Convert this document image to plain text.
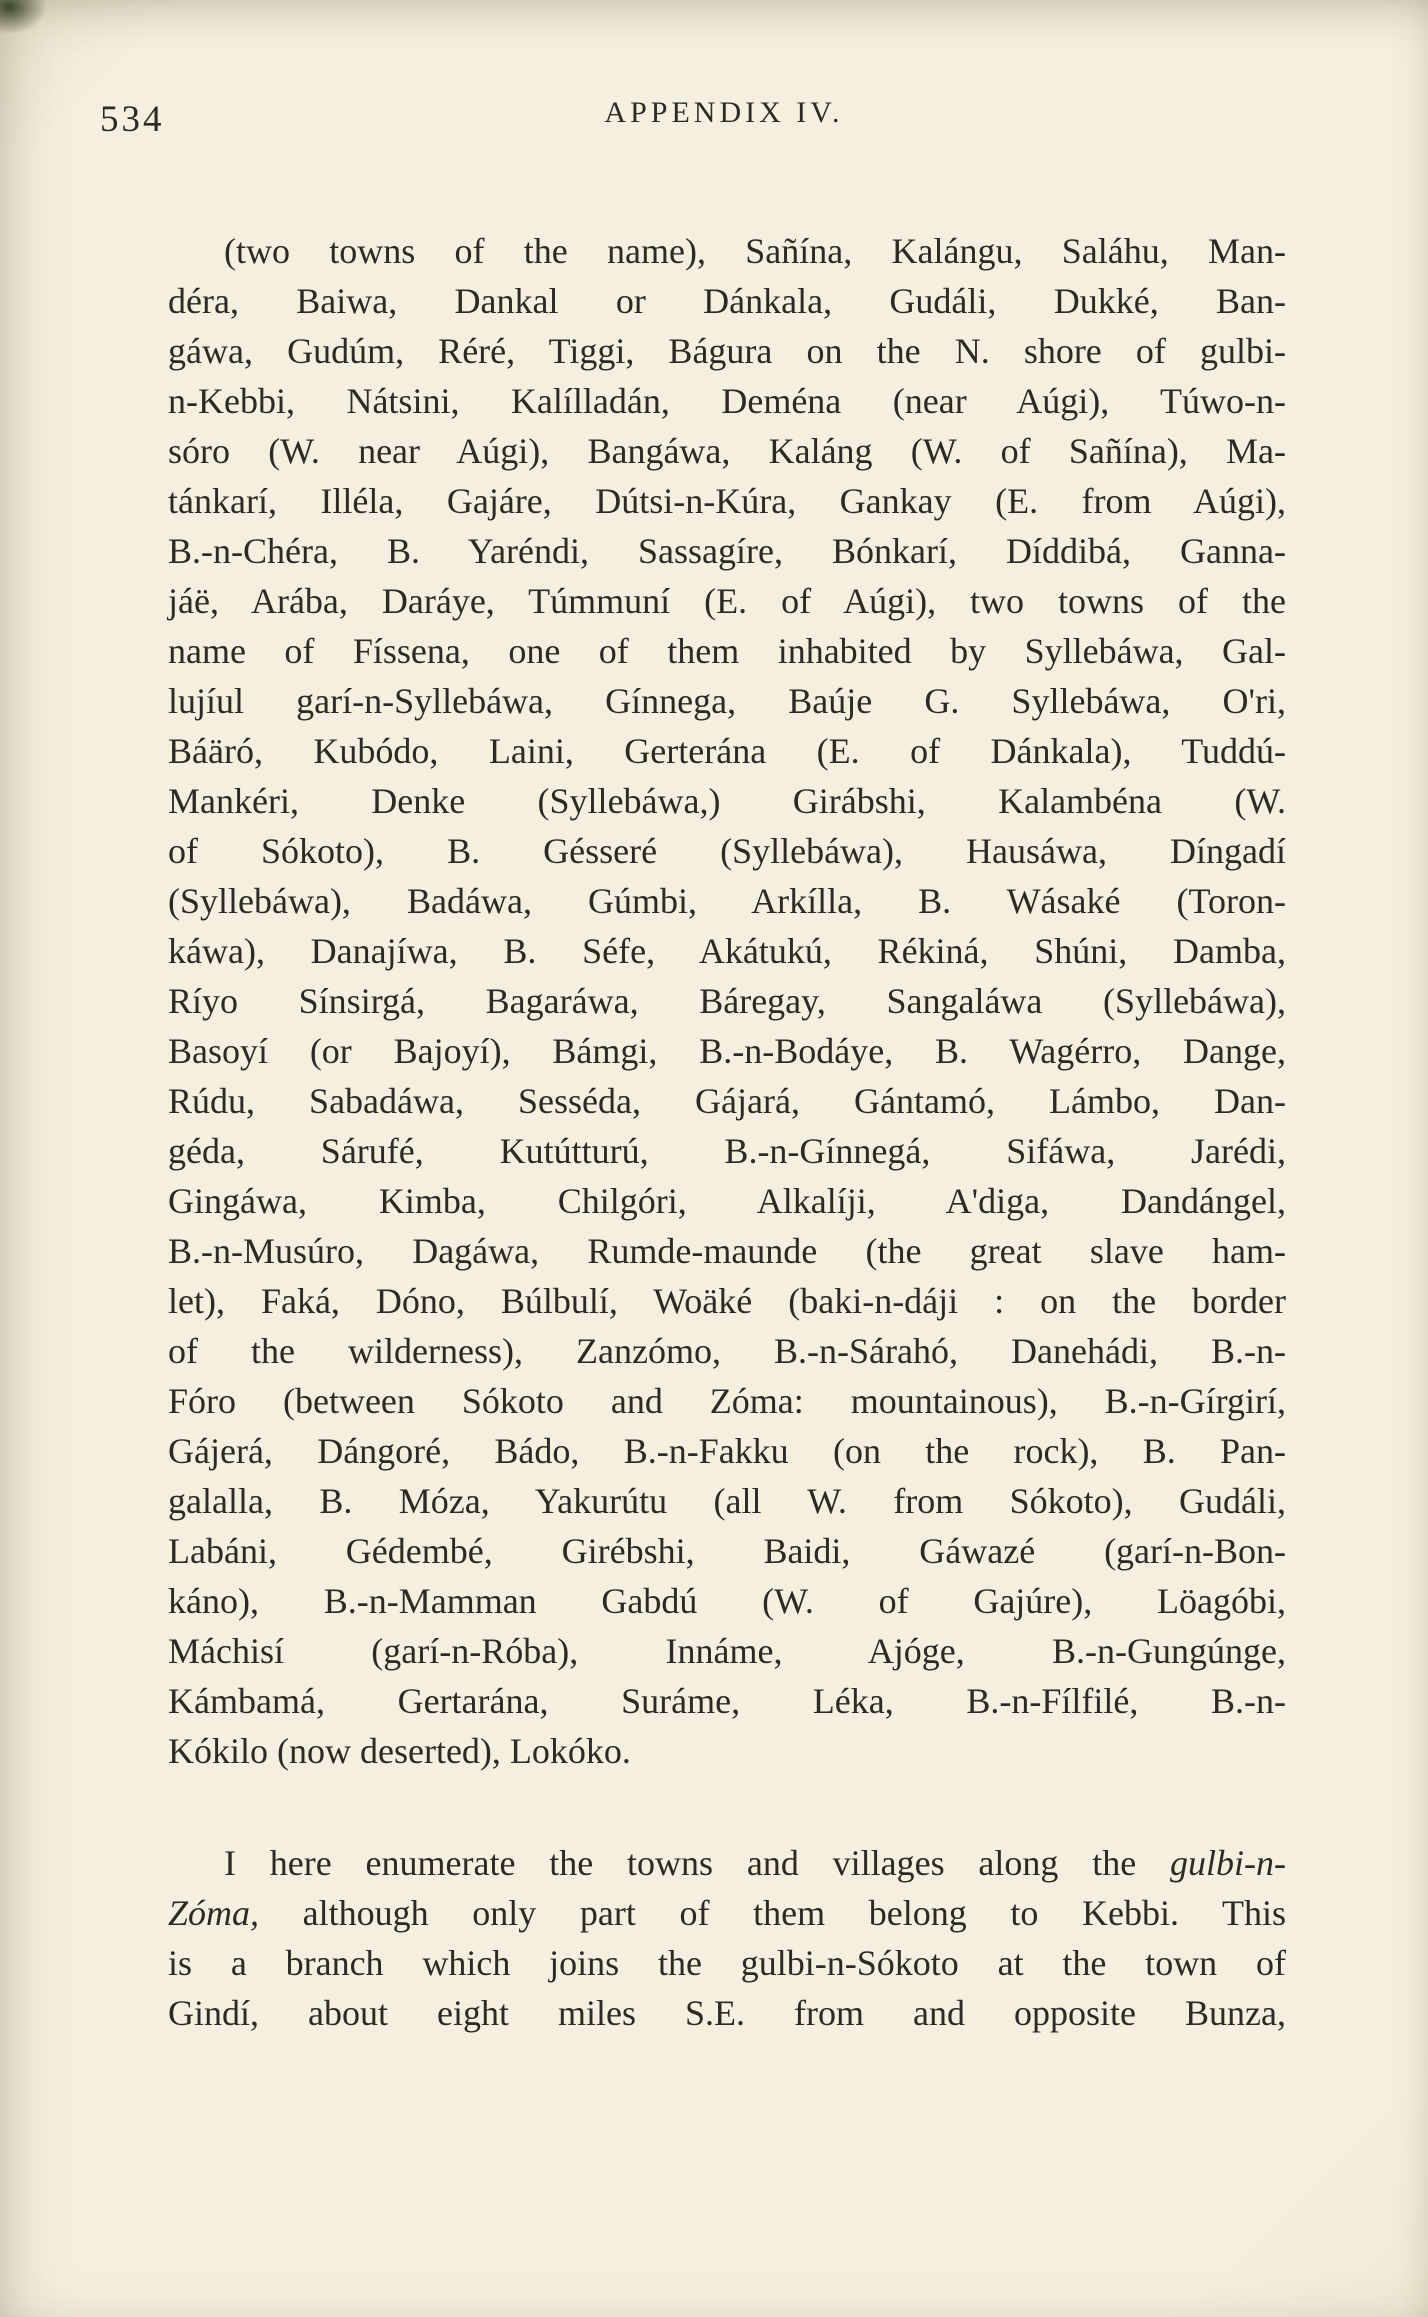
534	APPENDIX IV.
(two towns of the name), Sañína, Kalángu, Saláhu, Man-
déra, Baiwa, Dankal or Dánkala, Gudáli, Dukké, Ban-
gáwa, Gudúm, Réré, Tiggi, Bágura on the N. shore of gulbi-
n-Kebbi, Nátsini, Kalílladán, Deména (near Aúgi), Túwo-n-
sóro (W. near Aúgi), Bangáwa, Kaláng (W. of Sañína), Ma-
tánkarí, Illéla, Gajáre, Dútsi-n-Kúra, Gankay (E. from Aúgi),
B.-n-Chéra, B. Yaréndi, Sassagíre, Bónkarí, Díddibá, Ganna-
jáë, Arába, Daráye, Túmmuní (E. of Aúgi), two towns of the
name of Físsena, one of them inhabited by Syllebáwa, Gal-
lujíul garí-n-Syllebáwa, Gínnega, Baúje G. Syllebáwa, O'ri,
Báäró, Kubódo, Laini, Gerterána (E. of Dánkala), Tuddú-
Mankéri, Denke (Syllebáwa,) Girábshi, Kalambéna (W.
of Sókoto), B. Gésseré (Syllebáwa), Hausáwa, Díngadí
(Syllebáwa), Badáwa, Gúmbi, Arkílla, B. Wásaké (Toron-
káwa), Danajíwa, B. Séfe, Akátukú, Rékiná, Shúni, Damba,
Ríyo Sínsirgá, Bagaráwa, Báregay, Sangaláwa (Syllebáwa),
Basoyí (or Bajoyí), Bámgi, B.-n-Bodáye, B. Wagérro, Dange,
Rúdu, Sabadáwa, Sesséda, Gájará, Gántamó, Lámbo, Dan-
géda, Sárufé, Kutútturú, B.-n-Gínnegá, Sifáwa, Jarédi,
Gingáwa, Kimba, Chilgóri, Alkalíji, A'diga, Dandángel,
B.-n-Musúro, Dagáwa, Rumde-maunde (the great slave ham-
let), Faká, Dóno, Búlbulí, Woäké (baki-n-dáji : on the border
of the wilderness), Zanzómo, B.-n-Sárahó, Danehádi, B.-n-
Fóro (between Sókoto and Zóma: mountainous), B.-n-Gírgirí,
Gájerá, Dángoré, Bádo, B.-n-Fakku (on the rock), B. Pan-
galalla, B. Móza, Yakurútu (all W. from Sókoto), Gudáli,
Labáni, Gédembé, Girébshi, Baidi, Gáwazé (garí-n-Bon-
káno), B.-n-Mamman Gabdú (W. of Gajúre), Löagóbi,
Máchisí (garí-n-Róba), Innáme, Ajóge, B.-n-Gungúnge,
Kámbamá, Gertarána, Suráme, Léka, B.-n-Fílfilé, B.-n-
Kókilo (now deserted), Lokóko.
I here enumerate the towns and villages along the gulbi-n-
Zóma, although only part of them belong to Kebbi. This
is a branch which joins the gulbi-n-Sókoto at the town of
Gindí, about eight miles S.E. from and opposite Bunza,
